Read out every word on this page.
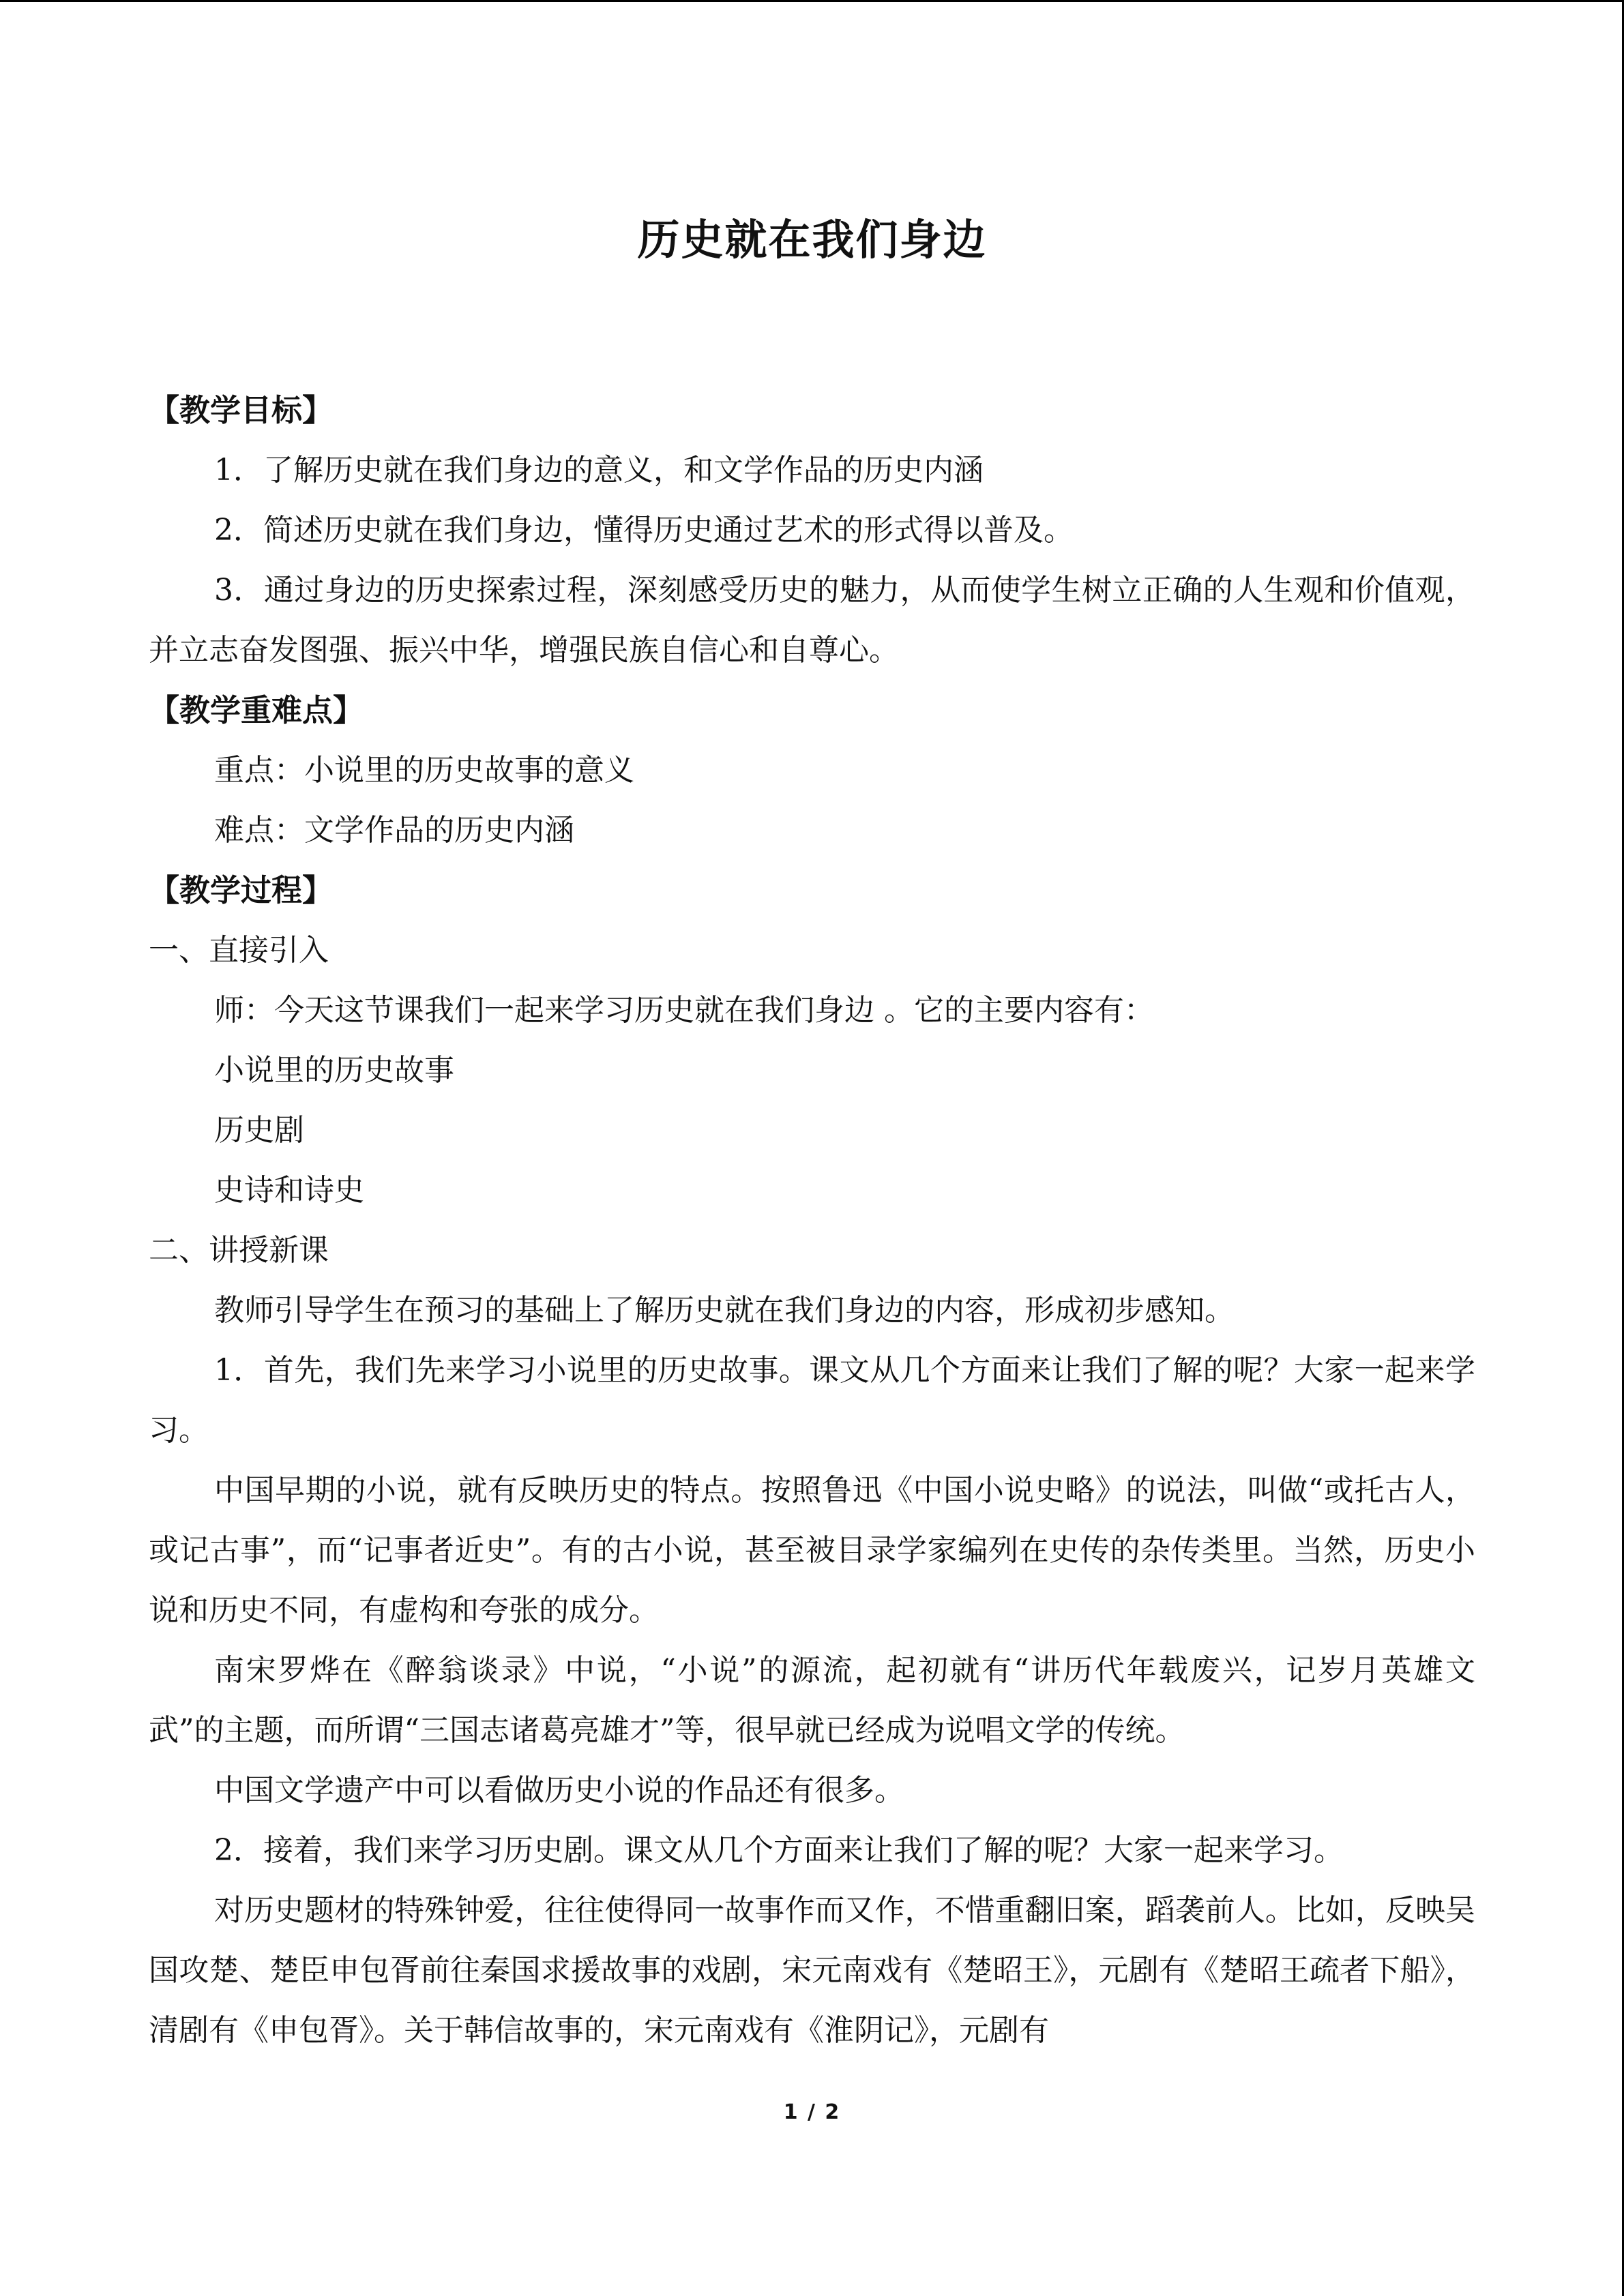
历史就在我们身边

【教学目标】

1．了解历史就在我们身边的意义，和文学作品的历史内涵

2．简述历史就在我们身边，懂得历史通过艺术的形式得以普及。

3．通过身边的历史探索过程，深刻感受历史的魅力，从而使学生树立正确的人生观和价值观，并立志奋发图强、振兴中华，增强民族自信心和自尊心。

【教学重难点】

重点：小说里的历史故事的意义

难点：文学作品的历史内涵

【教学过程】

一、直接引入

师：今天这节课我们一起来学习历史就在我们身边 。它的主要内容有：

小说里的历史故事

历史剧

史诗和诗史

二、讲授新课

教师引导学生在预习的基础上了解历史就在我们身边的内容，形成初步感知。

1．首先，我们先来学习小说里的历史故事。课文从几个方面来让我们了解的呢？大家一起来学习。

中国早期的小说，就有反映历史的特点。按照鲁迅《中国小说史略》的说法，叫做“或托古人，或记古事”，而“记事者近史”。有的古小说，甚至被目录学家编列在史传的杂传类里。当然，历史小说和历史不同，有虚构和夸张的成分。

南宋罗烨在《醉翁谈录》中说，“小说”的源流，起初就有“讲历代年载废兴，记岁月英雄文武”的主题，而所谓“三国志诸葛亮雄才”等，很早就已经成为说唱文学的传统。

中国文学遗产中可以看做历史小说的作品还有很多。

2．接着，我们来学习历史剧。课文从几个方面来让我们了解的呢？大家一起来学习。

对历史题材的特殊钟爱，往往使得同一故事作而又作，不惜重翻旧案，蹈袭前人。比如，反映吴国攻楚、楚臣申包胥前往秦国求援故事的戏剧，宋元南戏有《楚昭王》，元剧有《楚昭王疏者下船》，清剧有《申包胥》。关于韩信故事的，宋元南戏有《淮阴记》，元剧有

1 / 2
